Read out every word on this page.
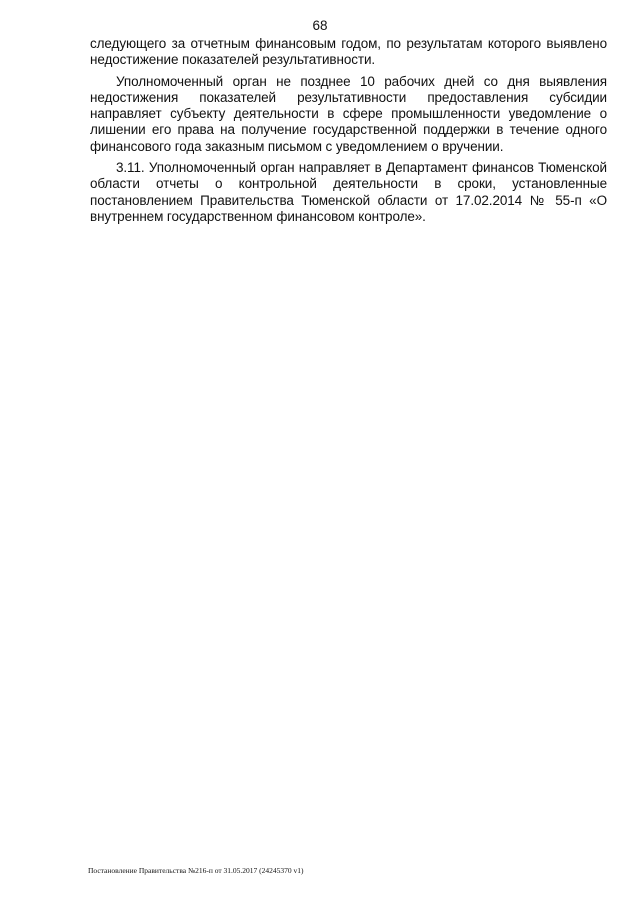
68

следующего за отчетным финансовым годом, по результатам которого выявлено недостижение показателей результативности.

Уполномоченный орган не позднее 10 рабочих дней со дня выявления недостижения показателей результативности предоставления субсидии направляет субъекту деятельности в сфере промышленности уведомление о лишении его права на получение государственной поддержки в течение одного финансового года заказным письмом с уведомлением о вручении.

3.11. Уполномоченный орган направляет в Департамент финансов Тюменской области отчеты о контрольной деятельности в сроки, установленные постановлением Правительства Тюменской области от 17.02.2014 № 55-п «О внутреннем государственном финансовом контроле».

Постановление Правительства №216-п от 31.05.2017 (24245370 v1)
